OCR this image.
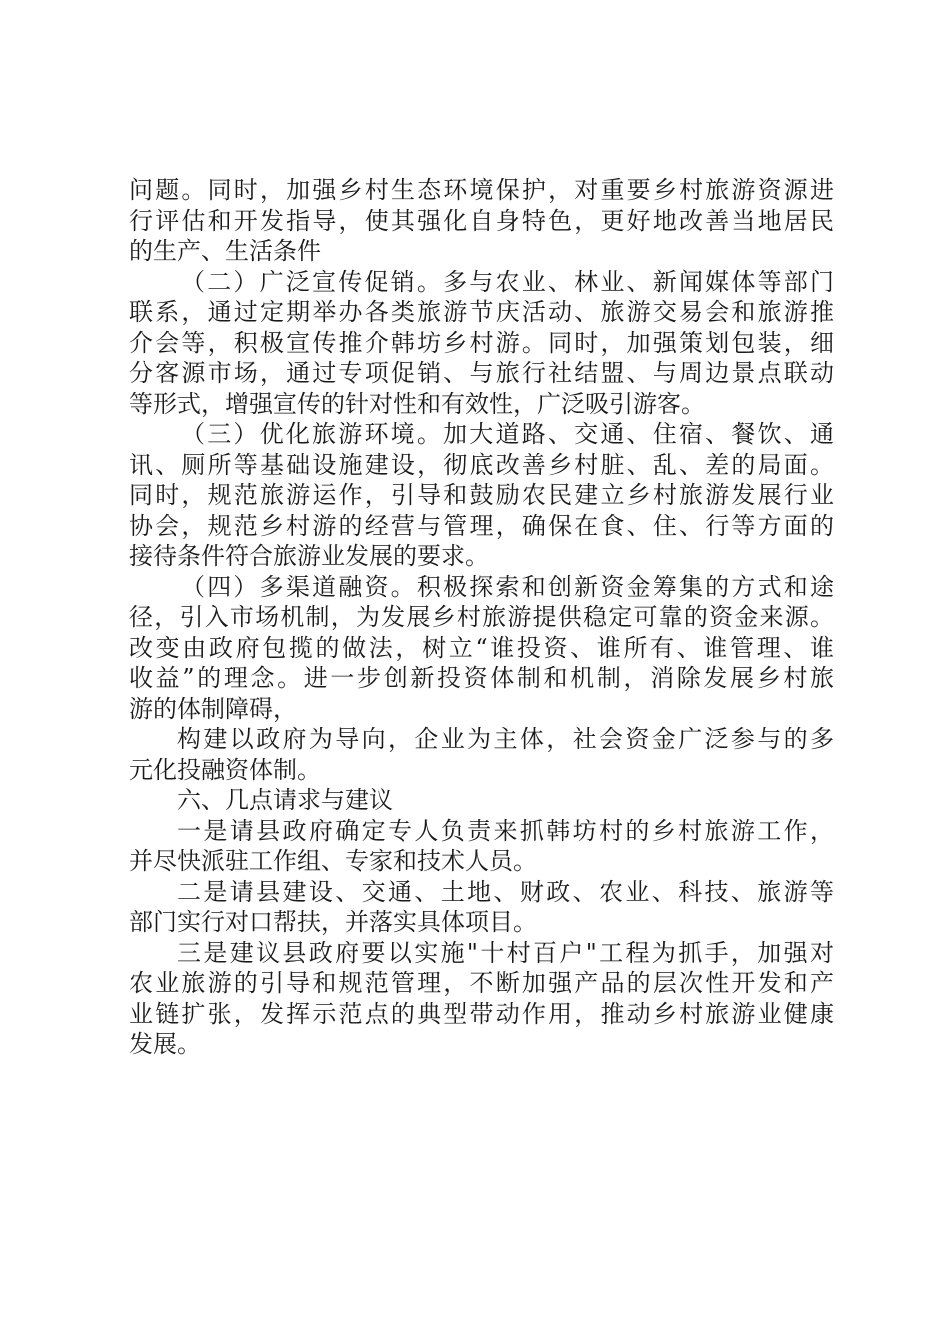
问题。同时，加强乡村生态环境保护，对重要乡村旅游资源进
行评估和开发指导，使其强化自身特色，更好地改善当地居民
的生产、生活条件
（二）广泛宣传促销。多与农业、林业、新闻媒体等部门
联系，通过定期举办各类旅游节庆活动、旅游交易会和旅游推
介会等，积极宣传推介韩坊乡村游。同时，加强策划包装，细
分客源市场，通过专项促销、与旅行社结盟、与周边景点联动
等形式，增强宣传的针对性和有效性，广泛吸引游客。
（三）优化旅游环境。加大道路、交通、住宿、餐饮、通
讯、厕所等基础设施建设，彻底改善乡村脏、乱、差的局面。
同时，规范旅游运作，引导和鼓励农民建立乡村旅游发展行业
协会，规范乡村游的经营与管理，确保在食、住、行等方面的
接待条件符合旅游业发展的要求。
（四）多渠道融资。积极探索和创新资金筹集的方式和途
径，引入市场机制，为发展乡村旅游提供稳定可靠的资金来源。
改变由政府包揽的做法，树立“谁投资、谁所有、谁管理、谁
收益”的理念。进一步创新投资体制和机制，消除发展乡村旅
游的体制障碍，
构建以政府为导向，企业为主体，社会资金广泛参与的多
元化投融资体制。
六、几点请求与建议
一是请县政府确定专人负责来抓韩坊村的乡村旅游工作，
并尽快派驻工作组、专家和技术人员。
二是请县建设、交通、土地、财政、农业、科技、旅游等
部门实行对口帮扶，并落实具体项目。
三是建议县政府要以实施"十村百户"工程为抓手，加强对
农业旅游的引导和规范管理，不断加强产品的层次性开发和产
业链扩张，发挥示范点的典型带动作用，推动乡村旅游业健康
发展。
